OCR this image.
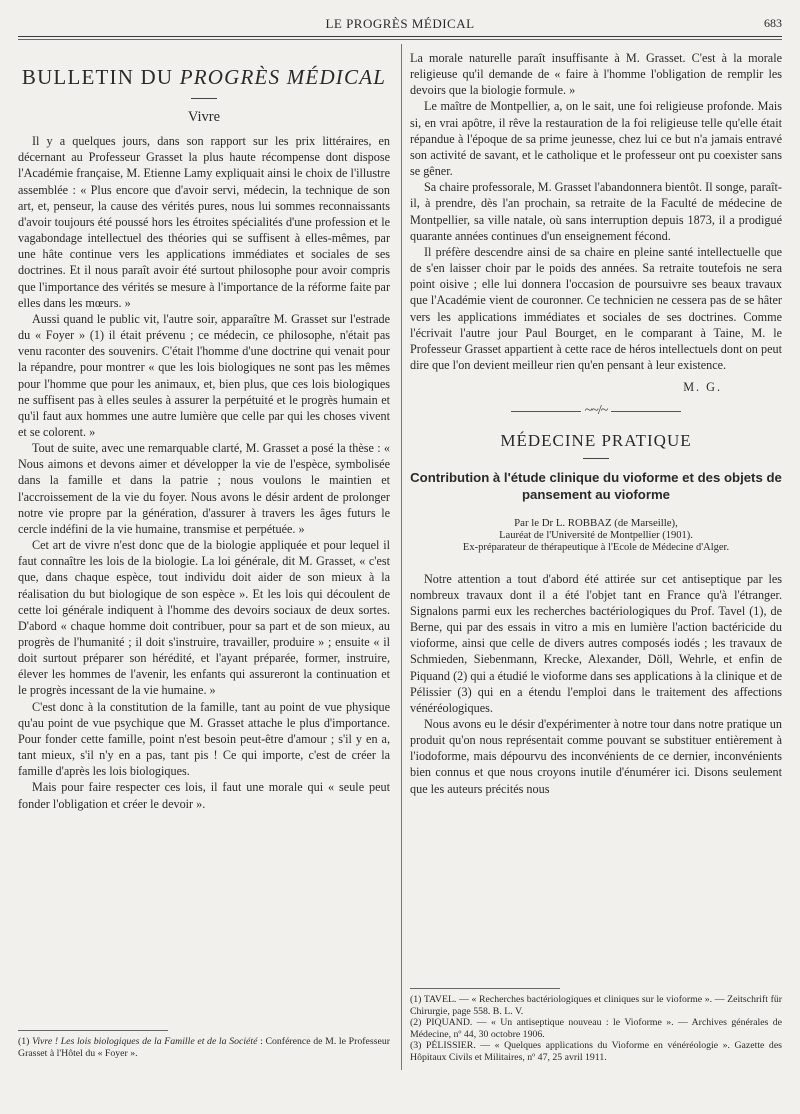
LE PROGRÈS MÉDICAL	683

BULLETIN DU PROGRÈS MÉDICAL

Vivre

Il y a quelques jours, dans son rapport sur les prix littéraires, en décernant au Professeur Grasset la plus haute récompense dont dispose l'Académie française, M. Etienne Lamy expliquait ainsi le choix de l'illustre assemblée : « Plus encore que d'avoir servi, médecin, la technique de son art, et, penseur, la cause des vérités pures, nous lui sommes reconnaissants d'avoir toujours été poussé hors les étroites spécialités d'une profession et le vagabondage intellectuel des théories qui se suffisent à elles-mêmes, par une hâte continue vers les applications immédiates et sociales de ses doctrines. Et il nous paraît avoir été surtout philosophe pour avoir compris que l'importance des vérités se mesure à l'importance de la réforme faite par elles dans les mœurs. »

Aussi quand le public vit, l'autre soir, apparaître M. Grasset sur l'estrade du « Foyer » (1) il était prévenu ; ce médecin, ce philosophe, n'était pas venu raconter des souvenirs. C'était l'homme d'une doctrine qui venait pour la répandre, pour montrer « que les lois biologiques ne sont pas les mêmes pour l'homme que pour les animaux, et, bien plus, que ces lois biologiques ne suffisent pas à elles seules à assurer la perpétuité et le progrès humain et qu'il faut aux hommes une autre lumière que celle par qui les choses vivent et se colorent. »

Tout de suite, avec une remarquable clarté, M. Grasset a posé la thèse : « Nous aimons et devons aimer et développer la vie de l'espèce, symbolisée dans la famille et dans la patrie ; nous voulons le maintien et l'accroissement de la vie du foyer. Nous avons le désir ardent de prolonger notre vie propre par la génération, d'assurer à travers les âges futurs le cercle indéfini de la vie humaine, transmise et perpétuée. »

Cet art de vivre n'est donc que de la biologie appliquée et pour lequel il faut connaître les lois de la biologie. La loi générale, dit M. Grasset, « c'est que, dans chaque espèce, tout individu doit aider de son mieux à la réalisation du but biologique de son espèce ». Et les lois qui découlent de cette loi générale indiquent à l'homme des devoirs sociaux de deux sortes. D'abord « chaque homme doit contribuer, pour sa part et de son mieux, au progrès de l'humanité ; il doit s'instruire, travailler, produire » ; ensuite « il doit surtout préparer son hérédité, et l'ayant préparée, former, instruire, élever les hommes de l'avenir, les enfants qui assureront la continuation et le progrès incessant de la vie humaine. »

C'est donc à la constitution de la famille, tant au point de vue physique qu'au point de vue psychique que M. Grasset attache le plus d'importance. Pour fonder cette famille, point n'est besoin peut-être d'amour ; s'il y en a, tant mieux, s'il n'y en a pas, tant pis ! Ce qui importe, c'est de créer la famille d'après les lois biologiques.

Mais pour faire respecter ces lois, il faut une morale qui « seule peut fonder l'obligation et créer le devoir ».

(1) Vivre ! Les lois biologiques de la Famille et de la Société : Conférence de M. le Professeur Grasset à l'Hôtel du « Foyer ».

La morale naturelle paraît insuffisante à M. Grasset. C'est à la morale religieuse qu'il demande de « faire à l'homme l'obligation de remplir les devoirs que la biologie formule. »

Le maître de Montpellier, a, on le sait, une foi religieuse profonde. Mais si, en vrai apôtre, il rêve la restauration de la foi religieuse telle qu'elle était répandue à l'époque de sa prime jeunesse, chez lui ce but n'a jamais entravé son activité de savant, et le catholique et le professeur ont pu coexister sans se gêner.

Sa chaire professorale, M. Grasset l'abandonnera bientôt. Il songe, paraît-il, à prendre, dès l'an prochain, sa retraite de la Faculté de médecine de Montpellier, sa ville natale, où sans interruption depuis 1873, il a prodigué quarante années continues d'un enseignement fécond.

Il préfère descendre ainsi de sa chaire en pleine santé intellectuelle que de s'en laisser choir par le poids des années. Sa retraite toutefois ne sera point oisive ; elle lui donnera l'occasion de poursuivre ses beaux travaux que l'Académie vient de couronner. Ce technicien ne cessera pas de se hâter vers les applications immédiates et sociales de ses doctrines. Comme l'écrivait l'autre jour Paul Bourget, en le comparant à Taine, M. le Professeur Grasset appartient à cette race de héros intellectuels dont on peut dire que l'on devient meilleur rien qu'en pensant à leur existence.

M. G.

~~/~

MÉDECINE PRATIQUE

Contribution à l'étude clinique du vioforme et des objets de pansement au vioforme

Par le Dr L. ROBBAZ (de Marseille),

Lauréat de l'Université de Montpellier (1901).

Ex-préparateur de thérapeutique à l'Ecole de Médecine d'Alger.

Notre attention a tout d'abord été attirée sur cet antiseptique par les nombreux travaux dont il a été l'objet tant en France qu'à l'étranger. Signalons parmi eux les recherches bactériologiques du Prof. Tavel (1), de Berne, qui par des essais in vitro a mis en lumière l'action bactéricide du vioforme, ainsi que celle de divers autres composés iodés ; les travaux de Schmieden, Siebenmann, Krecke, Alexander, Döll, Wehrle, et enfin de Piquand (2) qui a étudié le vioforme dans ses applications à la clinique et de Pélissier (3) qui en a étendu l'emploi dans le traitement des affections vénéréologiques.

Nous avons eu le désir d'expérimenter à notre tour dans notre pratique un produit qu'on nous représentait comme pouvant se substituer entièrement à l'iodoforme, mais dépourvu des inconvénients de ce dernier, inconvénients bien connus et que nous croyons inutile d'énumérer ici. Disons seulement que les auteurs précités nous

(1) TAVEL. — « Recherches bactériologiques et cliniques sur le vioforme ». — Zeitschrift für Chirurgie, page 558. B. L. V.

(2) PIQUAND. — « Un antiseptique nouveau : le Vioforme ». — Archives générales de Médecine, nº 44, 30 octobre 1906.

(3) PÉLISSIER. — « Quelques applications du Vioforme en vénéréologie ». Gazette des Hôpitaux Civils et Militaires, nº 47, 25 avril 1911.
